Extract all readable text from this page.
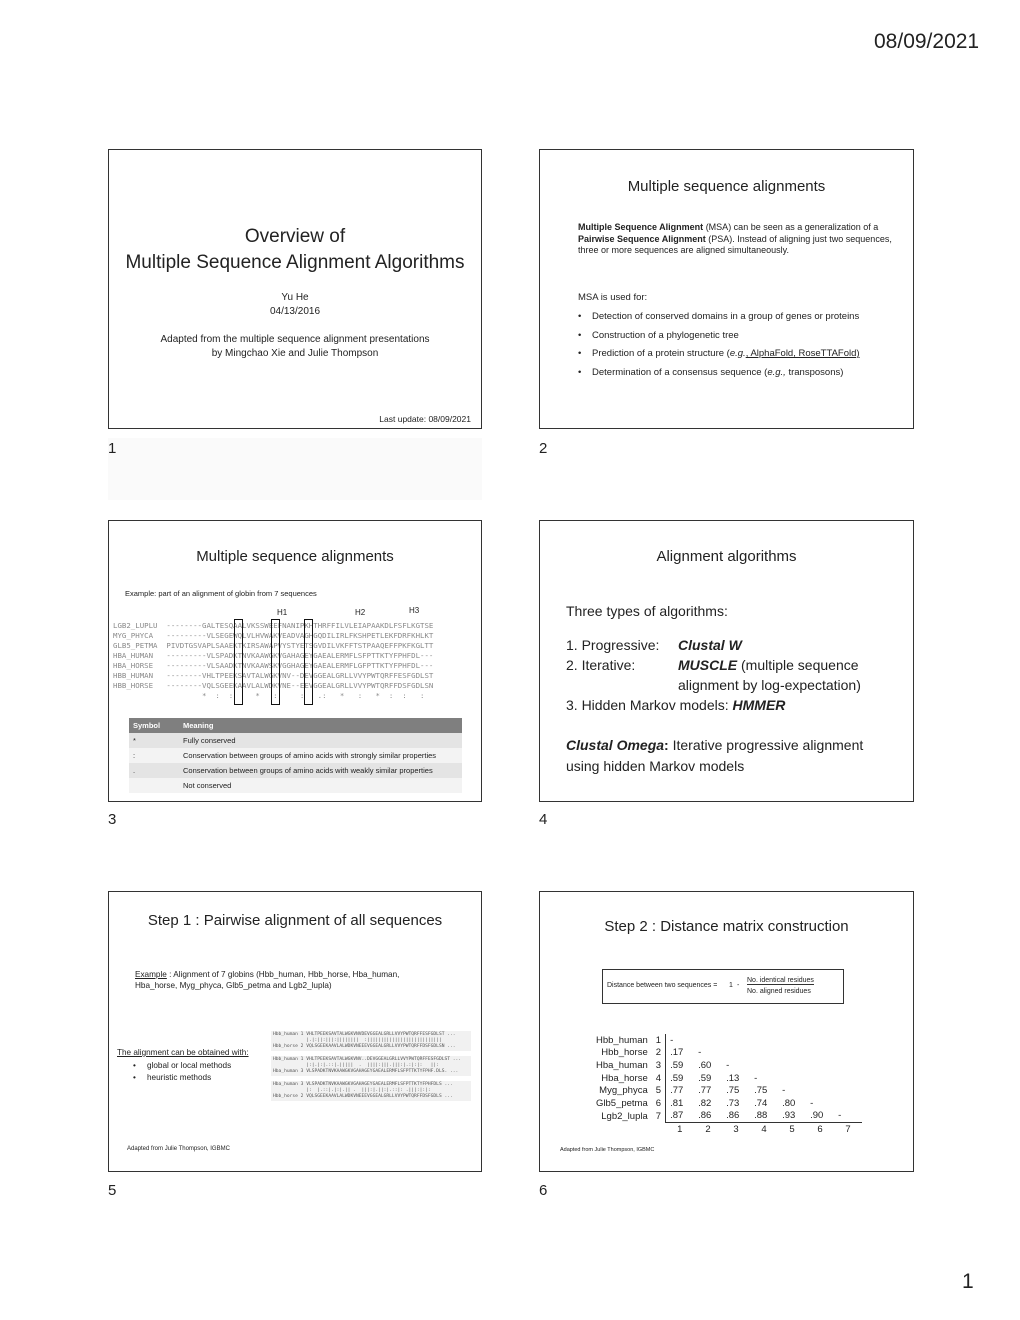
08/09/2021
1
Overview of
Multiple Sequence Alignment Algorithms
Yu He
04/13/2016
Adapted from the multiple sequence alignment presentations
by Mingchao Xie and Julie Thompson
Last update: 08/09/2021
1
Multiple sequence alignments
Multiple Sequence Alignment (MSA) can be seen as a generalization of a Pairwise Sequence Alignment (PSA). Instead of aligning just two sequences, three or more sequences are aligned simultaneously.
MSA is used for:
• Detection of conserved domains in a group of genes or proteins
• Construction of a phylogenetic tree
• Prediction of a protein structure (e.g., AlphaFold, RoseTTAFold)
• Determination of a consensus sequence (e.g., transposons)
2
Multiple sequence alignments
Example: part of an alignment of globin from 7 sequences
H1	H2	H3
LGB2_LUPLU  --------GALTESQAALVKSSWEEFNANIPKHTHRFFILVLEIAPAAKDLFSFLKGTSE
MYG_PHYCA   ---------VLSEGEWQLVLHVWAKVEADVAGHGQDILIRLFKSHPETLEKFDRFKHLKT
GLB5_PETMA  PIVDTGSVAPLSAAEKTKIRSAWAPVYSTYETSGVDILVKFFTSTPAAQEFFPKFKGLTT
HBA_HUMAN   ---------VLSPADKTNVKAAWGKVGAHAGEYGAEALERMFLSFPTTKTYFPHFDL---
HBA_HORSE   ---------VLSAADKTNVKAAWSKVGGHAGEYGAEALERMFLGFPTTKTYFPHFDL---
HBB_HUMAN   --------VHLTPEEKSAVTALWGKVNV--DEVGGEALGRLLVVYPWTQRFFESFGDLST
HBB_HORSE   --------VQLSGEEKAAVLALWDKVNE--EEVGGEALGRLLVVYPWTQRFFDSFGDLSN
*  :  :     *   :     :   .:   *   :   *  :  :   :
Symbol	Meaning
*	Fully conserved
:	Conservation between groups of amino acids with strongly similar properties
.	Conservation between groups of amino acids with weakly similar properties
	Not conserved
3
Alignment algorithms
Three types of algorithms:
1. Progressive: Clustal W
2. Iterative:	MUSCLE (multiple sequence
alignment by log-expectation)
3. Hidden Markov models: HMMER
Clustal Omega: Iterative progressive alignment
using hidden Markov models
4
Step 1 : Pairwise alignment of all sequences
Example : Alignment of 7 globins (Hbb_human, Hbb_horse, Hba_human,
Hba_horse, Myg_phyca, Glb5_petma and Lgb2_lupla)
The alignment can be obtained with:
• global or local methods
• heuristic methods
Hbb_human 1 VHLTPEEKSAVTALWGKVNVDEVGGEALGRLLVVYPWTQRFFESFGDLST ...
|.|:||:|||:||||||||  :|||||||||||||||||||||||||||
Hbb_horse 2 VQLSGEEKAAVLALWDKVNEEEVGGEALGRLLVVYPWTQRFFDSFGDLSN ...
Hbb_human 1 VHLTPEEKSAVTALWGKVNV..DEVGGEALGRLLVVYPWTQRFFESFGDLST ...
|:|.|:|.::|.|||||  .  ||||:|||.|||:|.:|:|:   ||:
Hba_human 3 VLSPADKTNVKAAWGKVGAHAGEYGAEALERMFLSFPTTKTYFPHF.DLS. ...
Hba_human 3 VLSPADKTNVKAAWGKVGAHAGEYGAEALERMFLSFPTTKTYFPHFDLS ...
|:  |.::|.|:|.|| .  |||:|.||:|.::|: .|||:|:|:
Hbb_horse 2 VQLSGEEKAAVLALWDKVNEEEVGGEALGRLLVVYPWTQRFFDSFGDLS ...
Adapted from Julie Thompson, IGBMC
5
Step 2 : Distance matrix construction
Distance between two sequences = 1 -
No. identical residues
No. aligned residues
Hbb_human	1	-						
Hbb_horse	2	.17	-					
Hba_human	3	.59	.60	-				
Hba_horse	4	.59	.59	.13	-			
Myg_phyca	5	.77	.77	.75	.75	-		
Glb5_petma	6	.81	.82	.73	.74	.80	-	
Lgb2_lupla	7	.87	.86	.86	.88	.93	.90	-
		1	2	3	4	5	6	7
Adapted from Julie Thompson, IGBMC
6
